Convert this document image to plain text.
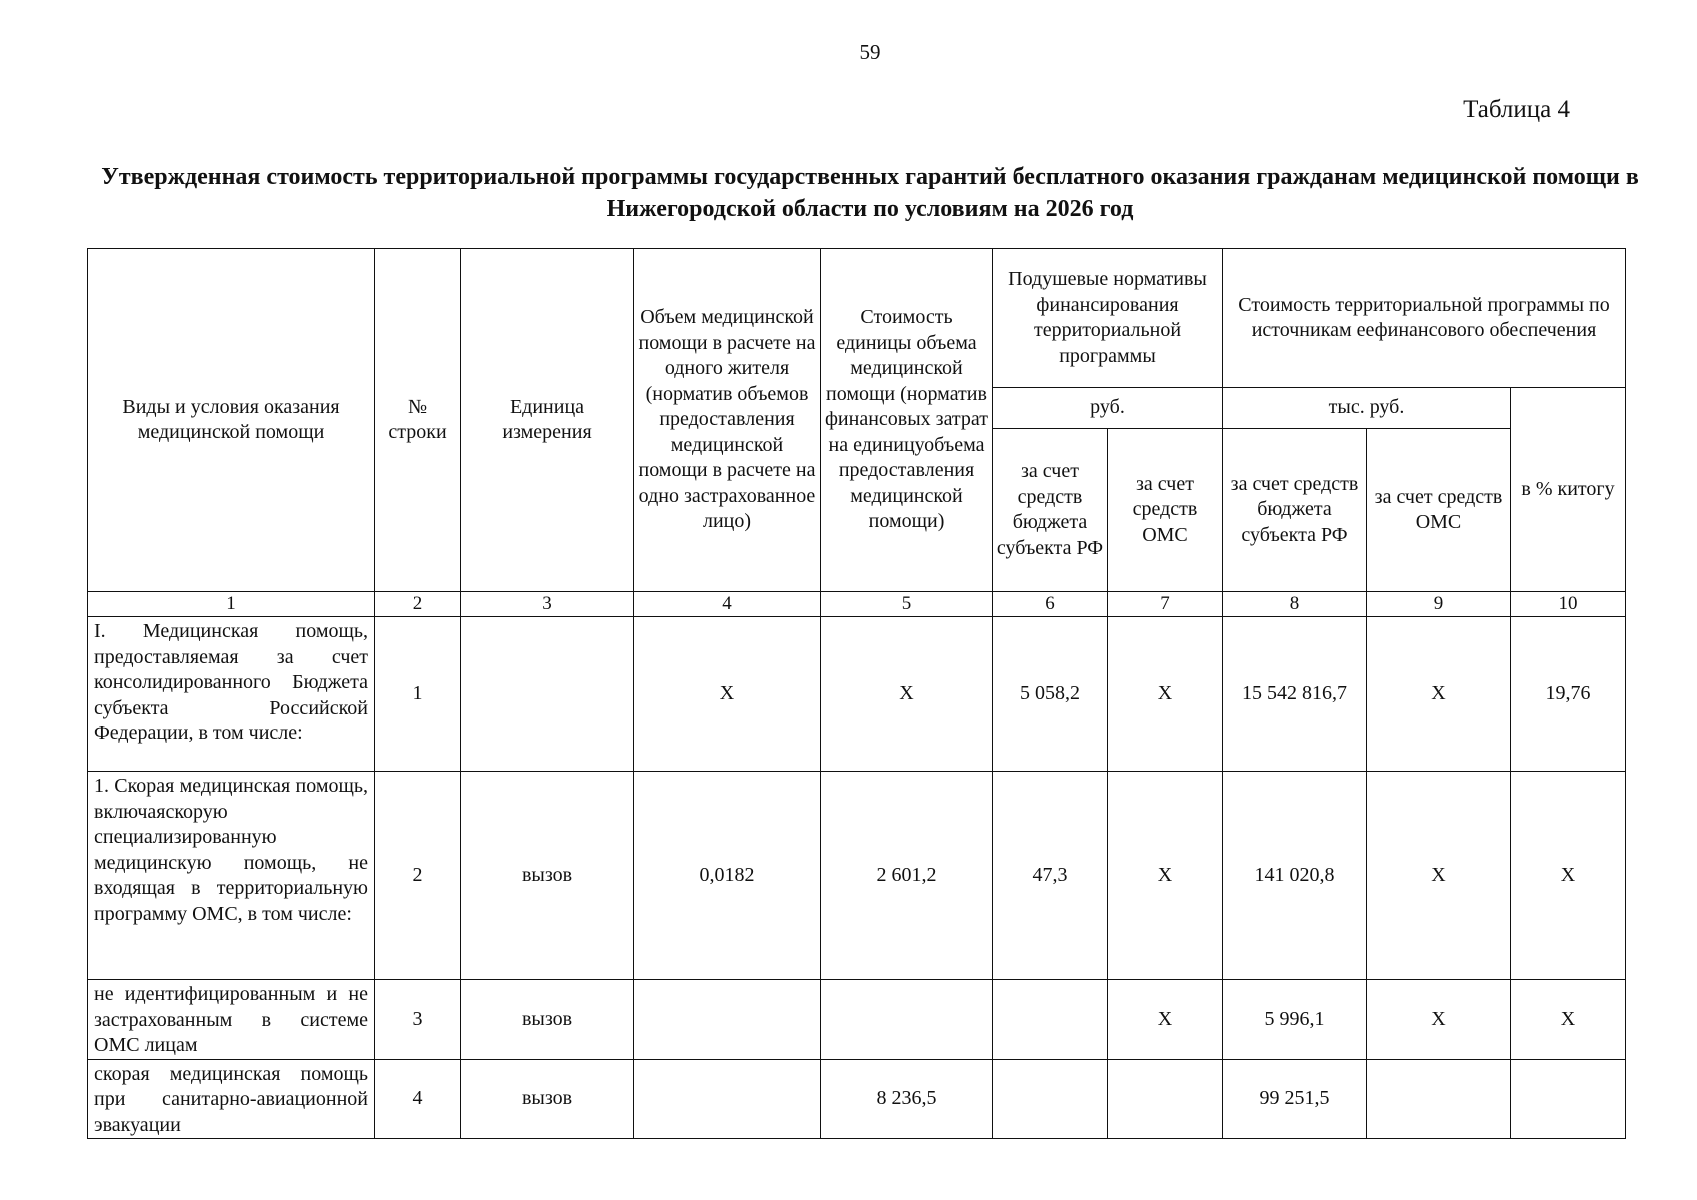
59
Таблица 4
Утвержденная стоимость территориальной программы государственных гарантий бесплатного оказания гражданам медицинской помощи в Нижегородской области по условиям на 2026 год
Виды и условия оказания медицинской помощи	№ строки	Единица измерения	Объем медицинской помощи в расчете на одного жителя (норматив объемов предоставления медицинской помощи в расчете на одно застрахованное лицо)	Стоимость единицы объема медицинской помощи (норматив финансовых затрат на единицуобъема предоставления медицинской помощи)	Подушевые нормативы финансирования территориальной программы		Стоимость территориальной программы по источникам еефинансового обеспечения		
					руб.		тыс. руб.		в % китогу
					за счет средств бюджета субъекта РФ	за счет средств ОМС	за счет средств бюджета субъекта РФ	за счет средств ОМС	
1	2	3	4	5	6	7	8	9	10
I. Медицинская помощь, предоставляемая за счет консолидированного Бюджета субъекта Российской Федерации, в том числе:	1		X	X	5 058,2	X	15 542 816,7	X	19,76
1. Скорая медицинская помощь, включаяскорую специализированную медицинскую помощь, не входящая в территориальную программу ОМС, в том числе:	2	вызов	0,0182	2 601,2	47,3	X	141 020,8	X	X
не идентифицированным и не застрахованным в системе ОМС лицам	3	вызов				X	5 996,1	X	X
скорая медицинская помощь при санитарно-авиационной эвакуации	4	вызов		8 236,5			99 251,5		
